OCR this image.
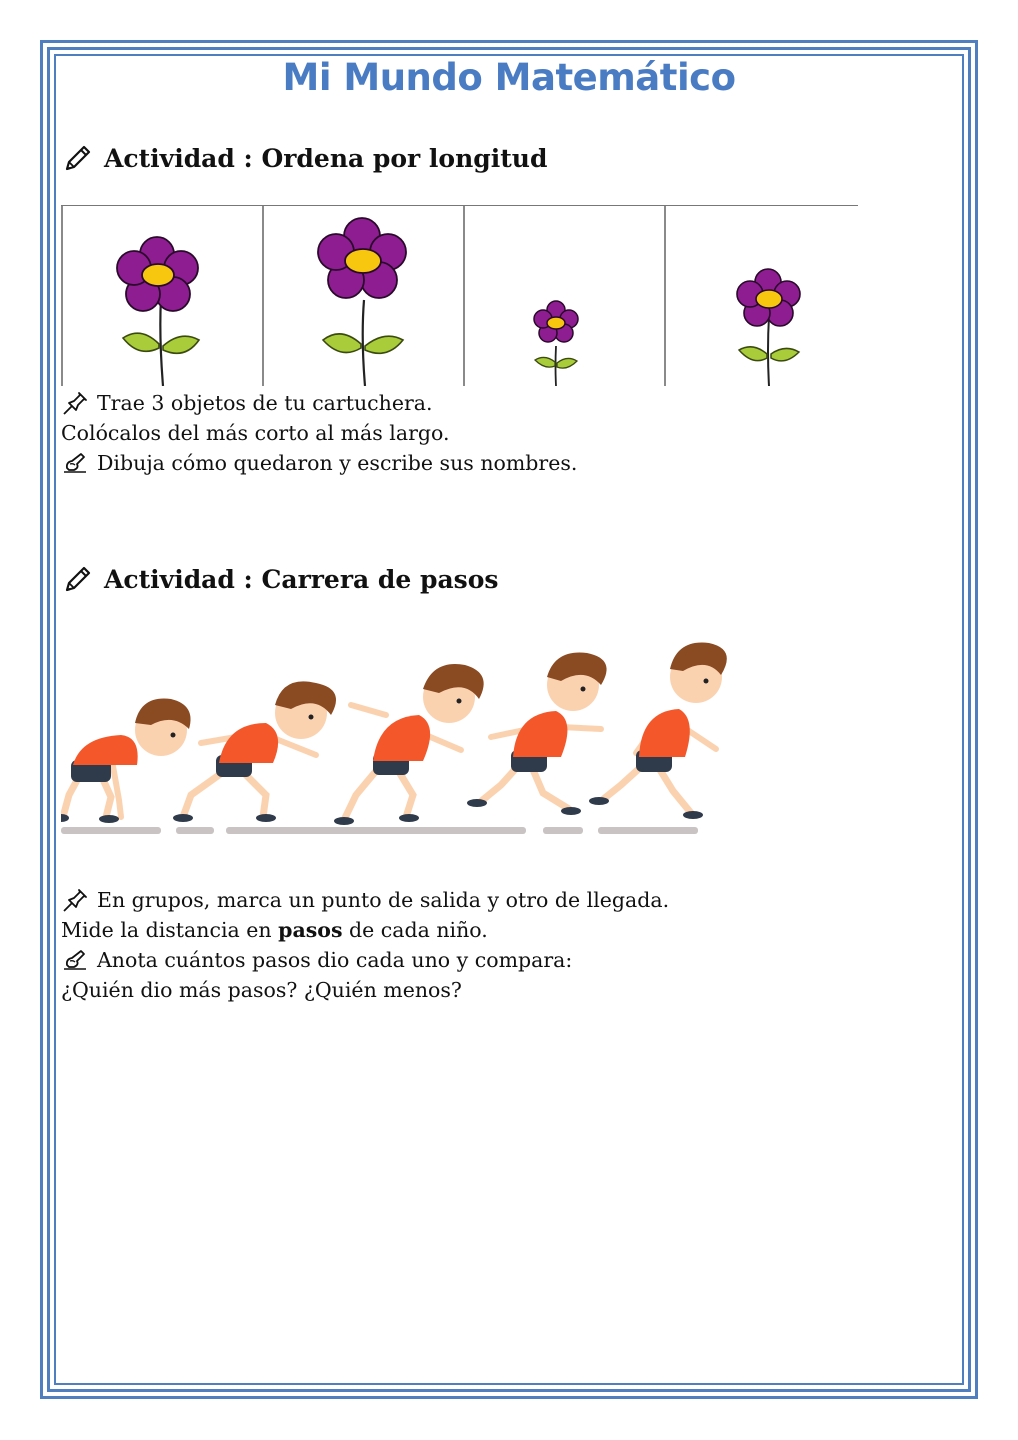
Mi Mundo Matemático
Actividad : Ordena por longitud
Trae 3 objetos de tu cartuchera.
Colócalos del más corto al más largo.
Dibuja cómo quedaron y escribe sus nombres.
Actividad : Carrera de pasos
En grupos, marca un punto de salida y otro de llegada.
Mide la distancia en pasos de cada niño.
Anota cuántos pasos dio cada uno y compara:
¿Quién dio más pasos? ¿Quién menos?
